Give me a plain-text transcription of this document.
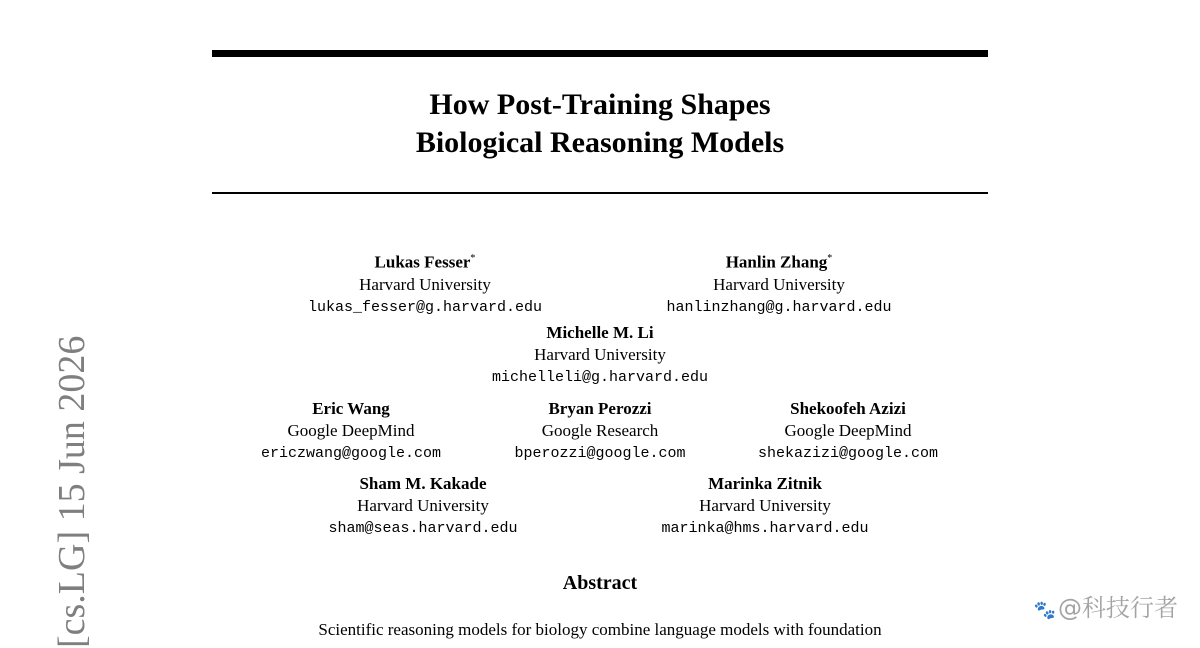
How Post-Training Shapes
Biological Reasoning Models
Lukas Fesser*
Harvard University
lukas_fesser@g.harvard.edu
Hanlin Zhang*
Harvard University
hanlinzhang@g.harvard.edu
Michelle M. Li
Harvard University
michelleli@g.harvard.edu
Eric Wang
Google DeepMind
ericzwang@google.com
Bryan Perozzi
Google Research
bperozzi@google.com
Shekoofeh Azizi
Google DeepMind
shekazizi@google.com
Sham M. Kakade
Harvard University
sham@seas.harvard.edu
Marinka Zitnik
Harvard University
marinka@hms.harvard.edu
Abstract
Scientific reasoning models for biology combine language models with foundation
[cs.LG] 15 Jun 2026	🐾@科技行者
